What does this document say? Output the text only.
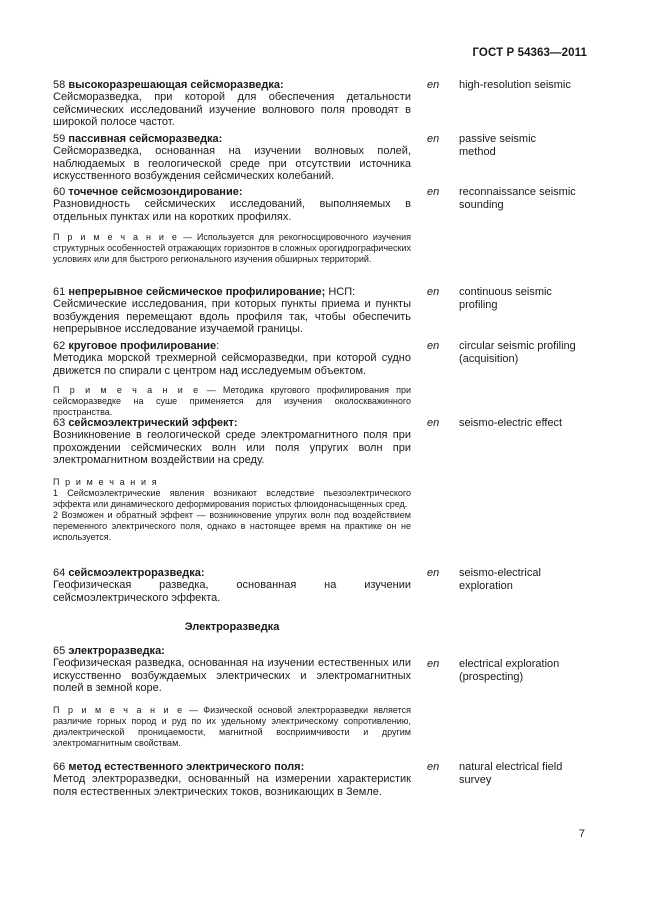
ГОСТ Р 54363—2011

58 высокоразрешающая сейсморазведка:

Сейсморазведка, при которой для обеспечения детальности сейсмических исследований изучение волнового поля проводят в широкой полосе частот.

en high-resolution seismic

59 пассивная сейсморазведка:

Сейсморазведка, основанная на изучении волновых полей, наблюдаемых в геологической среде при отсутствии источника искусственного возбуждения сейсмических колебаний.

en passive seismic method

60 точечное сейсмозондирование:

Разновидность сейсмических исследований, выполняемых в отдельных пунктах или на коротких профилях.

П р и м е ч а н и е — Используется для рекогносцировочного изучения структурных особенностей отражающих горизонтов в сложных орогидрографических условиях или для быстрого регионального изучения обширных территорий.

en reconnaissance seismic sounding

61 непрерывное сейсмическое профилирование; НСП:

Сейсмические исследования, при которых пункты приема и пункты возбуждения перемещают вдоль профиля так, чтобы обеспечить непрерывное исследование изучаемой границы.

en continuous seismic profiling

62 круговое профилирование:

Методика морской трехмерной сейсморазведки, при которой судно движется по спирали с центром над исследуемым объектом.

П р и м е ч а н и е — Методика кругового профилирования при сейсморазведке на суше применяется для изучения околоскважинного пространства.

en circular seismic profiling (acquisition)

63 сейсмоэлектрический эффект:

Возникновение в геологической среде электромагнитного поля при прохождении сейсмических волн или поля упругих волн при электромагнитном воздействии на среду.

П р и м е ч а н и я

1 Сейсмоэлектрические явления возникают вследствие пьезоэлектрического эффекта или динамического деформирования пористых флюидонасыщенных сред.

2 Возможен и обратный эффект — возникновение упругих волн под воздействием переменного электрического поля, однако в настоящее время на практике он не используется.

en seismo-electric effect

64 сейсмоэлектроразведка:

Геофизическая разведка, основанная на изучении сейсмоэлектрического эффекта.

en seismo-electrical exploration
Электроразведка

65 электроразведка:

Геофизическая разведка, основанная на изучении естественных или искусственно возбуждаемых электрических и электромагнитных полей в земной коре.

П р и м е ч а н и е — Физической основой электроразведки является различие горных пород и руд по их удельному электрическому сопротивлению, диэлектрической проницаемости, магнитной восприимчивости и другим электромагнитным свойствам.

en electrical exploration (prospecting)

66 метод естественного электрического поля:

Метод электроразведки, основанный на измерении характеристик поля естественных электрических токов, возникающих в Земле.

en natural electrical field survey
7
